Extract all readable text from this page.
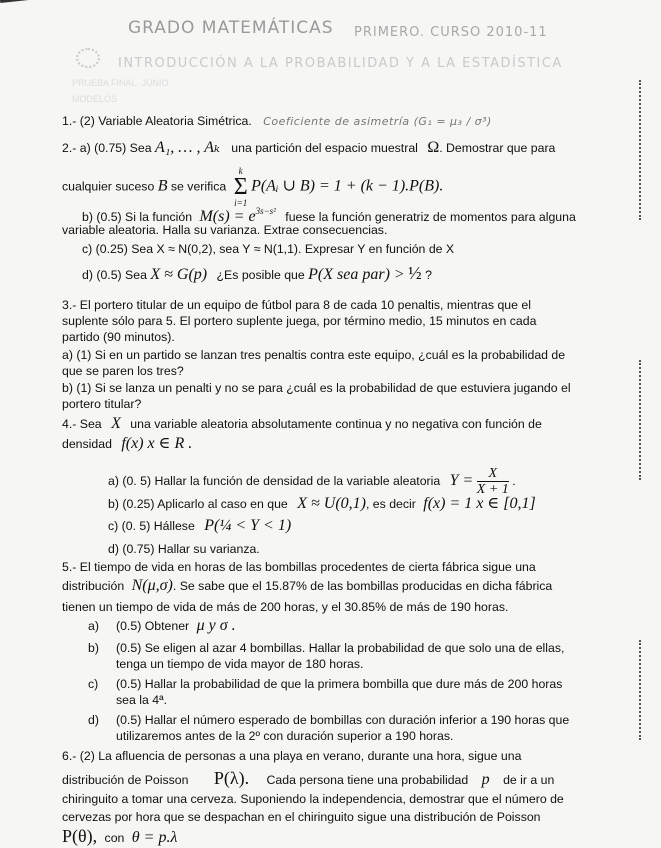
GRADO MATEMÁTICAS $_{PRIMERO. CURSO 2010-11}$
INTRODUCCIÓN A LA PROBABILIDAD Y A LA ESTADÍSTICA
PRUEBA FINAL. JUNIO
MODELOS
1.- (2) Variable Aleatoria Simétrica. Coeficiente de asimetría (G₁ = μ₃ / σ³)
2.- a) (0.75) Sea A₁, … , Aₖ una partición del espacio muestral Ω. Demostrar que para
cualquier suceso B se verifica
k
Σ
i=1
P(Aᵢ ∪ B) = 1 + (k − 1).P(B).
b) (0.5) Si la función $M(s) = e^{3s-s^2}$ fuese la función generatriz de momentos para alguna
variable aleatoria. Halla su varianza. Extrae consecuencias.
c) (0.25) Sea X ≈ N(0,2), sea Y ≈ N(1,1). Expresar Y en función de X
d) (0.5) Sea X ≈ G(p) ¿Es posible que P(X sea par) > ½ ?
3.- El portero titular de un equipo de fútbol para 8 de cada 10 penaltis, mientras que el
suplente sólo para 5. El portero suplente juega, por término medio, 15 minutos en cada
partido (90 minutos).
a) (1) Si en un partido se lanzan tres penaltis contra este equipo, ¿cuál es la probabilidad de
que se paren los tres?
b) (1) Si se lanza un penalti y no se para ¿cuál es la probabilidad de que estuviera jugando el
portero titular?
4.- Sea X una variable aleatoria absolutamente continua y no negativa con función de
densidad f(x) x ∈ R .
a) (0. 5) Hallar la función de densidad de la variable aleatoria $Y = \frac{X}{X + 1}$ .
b) (0.25) Aplicarlo al caso en que X ≈ U(0,1), es decir f(x) = 1 x ∈ [0,1]
c) (0. 5) Hállese P(¼ < Y < 1)
d) (0.75) Hallar su varianza.
5.- El tiempo de vida en horas de las bombillas procedentes de cierta fábrica sigue una
distribución N(μ,σ). Se sabe que el 15.87% de las bombillas producidas en dicha fábrica
tienen un tiempo de vida de más de 200 horas, y el 30.85% de más de 190 horas.
a) (0.5) Obtener μ y σ .
b) (0.5) Se eligen al azar 4 bombillas. Hallar la probabilidad de que solo una de ellas,
tenga un tiempo de vida mayor de 180 horas.
c) (0.5) Hallar la probabilidad de que la primera bombilla que dure más de 200 horas
sea la 4ª.
d) (0.5) Hallar el número esperado de bombillas con duración inferior a 190 horas que
utilizaremos antes de la 2º con duración superior a 190 horas.
6.- (2) La afluencia de personas a una playa en verano, durante una hora, sigue una
distribución de Poisson P(λ). Cada persona tiene una probabilidad p de ir a un
chiringuito a tomar una cerveza. Suponiendo la independencia, demostrar que el número de
cervezas por hora que se despachan en el chiringuito sigue una distribución de Poisson
P(θ), con θ = p.λ
